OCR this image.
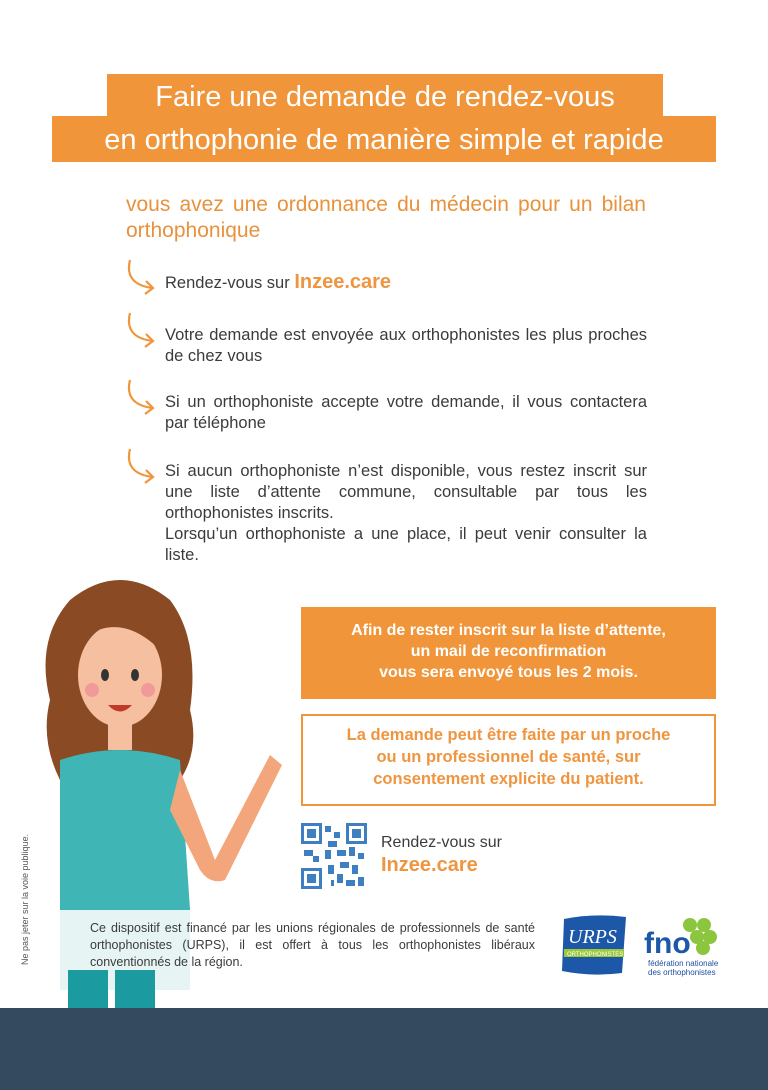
Faire une demande de rendez-vous
en orthophonie de manière simple et rapide
vous avez une ordonnance du médecin pour un bilan orthophonique

Rendez-vous sur Inzee.care

Votre demande est envoyée aux orthophonistes les plus proches de chez vous

Si un orthophoniste accepte votre demande, il vous contactera par téléphone

Si aucun orthophoniste n’est disponible, vous restez inscrit sur une liste d’attente commune, consultable par tous les orthophonistes inscrits.

Lorsqu’un orthophoniste a une place, il peut venir consulter la liste.

Afin de rester inscrit sur la liste d’attente,
un mail de reconfirmation
vous sera envoyé tous les 2 mois.
La demande peut être faite par un proche
ou un professionnel de santé, sur
consentement explicite du patient.
Rendez-vous sur
Inzee.care
Ce dispositif est financé par les unions régionales de professionnels de santé orthophonistes (URPS), il est offert à tous les orthophonistes libéraux conventionnés de la région.
Ne pas jeter sur la voie publique.	URPS
ORTHOPHONISTES fno
fédération nationale
des orthophonistes
